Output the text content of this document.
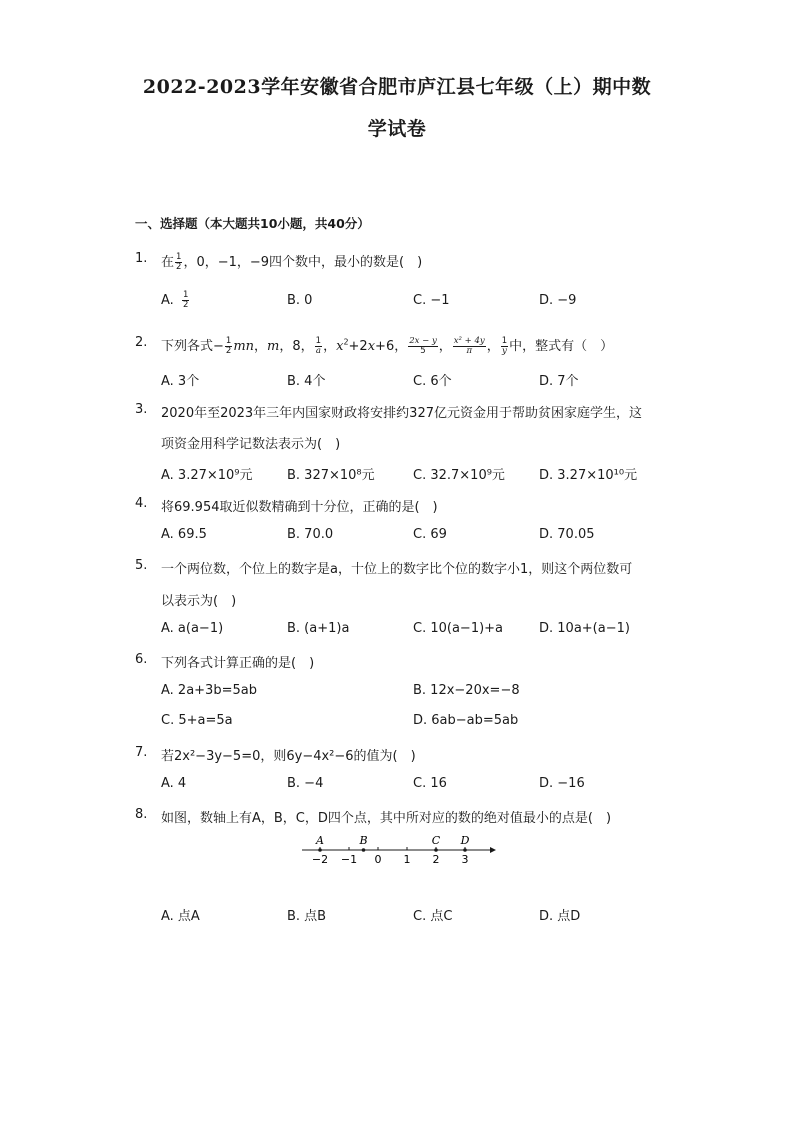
2022-2023学年安徽省合肥市庐江县七年级（上）期中数
学试卷
一、选择题（本大题共10小题，共40分）
1. 在 $\frac{1}{2}$ ，0，−1，−9四个数中，最小的数是(　)
A. $\frac{1}{2}$	B. 0	C. −1	D. −9
2. 下列各式− $\frac{1}{2}$ mn，m，8， $\frac{1}{a}$ ，$x^2+2x+6$， $\frac{2x - y}{5}$ ， $\frac{\text{x² + 4y}}{\pi}$ ， $\frac{1}{y}$ 中，整式有（　）
A. 3个	B. 4个	C. 6个	D. 7个
3. 2020年至2023年三年内国家财政将安排约327亿元资金用于帮助贫困家庭学生，这
项资金用科学记数法表示为(　)
A. 3.27×10⁹元	B. 327×10⁸元	C. 32.7×10⁹元	D. 3.27×10¹⁰元
4. 将69.954取近似数精确到十分位，正确的是(　)
A. 69.5	B. 70.0	C. 69	D. 70.05
5. 一个两位数，个位上的数字是a，十位上的数字比个位的数字小1，则这个两位数可
以表示为(　)
A. a(a−1)	B. (a+1)a	C. 10(a−1)+a	D. 10a+(a−1)
6. 下列各式计算正确的是(　)
A. 2a+3b=5ab	B. 12x−20x=−8
C. 5+a=5a	D. 6ab−ab=5ab
7. 若2x²−3y−5=0，则6y−4x²−6的值为(　)
A. 4	B. −4	C. 16	D. −16
8. 如图，数轴上有A，B，C，D四个点，其中所对应的数的绝对值最小的点是(　)
−2 −1 0 1 2 3
A	B	C D
A. 点A	B. 点B	C. 点C	D. 点D
